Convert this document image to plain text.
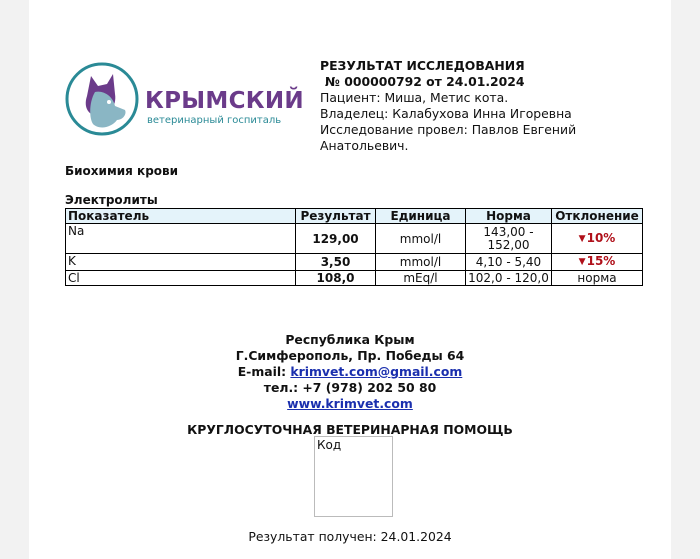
КРЫМСКИЙ
ветеринарный госпиталь
РЕЗУЛЬТАТ ИССЛЕДОВАНИЯ
№ 000000792 от 24.01.2024
Пациент: Миша, Метис кота.
Владелец: Калабухова Инна Игоревна
Исследование провел: Павлов Евгений Анатольевич.
Биохимия крови
Электролиты
Показатель	Результат	Единица	Норма	Отклонение
Na	129,00	mmol/l	143,00 - 152,00	▼10%
K	3,50	mmol/l	4,10 - 5,40	▼15%
Cl	108,0	mEq/l	102,0 - 120,0	норма
Республика Крым
Г.Симферополь, Пр. Победы 64
E-mail: krimvet.com@gmail.com
тел.: +7 (978) 202 50 80
www.krimvet.com
КРУГЛОСУТОЧНАЯ ВЕТЕРИНАРНАЯ ПОМОЩЬ
Код
Результат получен: 24.01.2024
